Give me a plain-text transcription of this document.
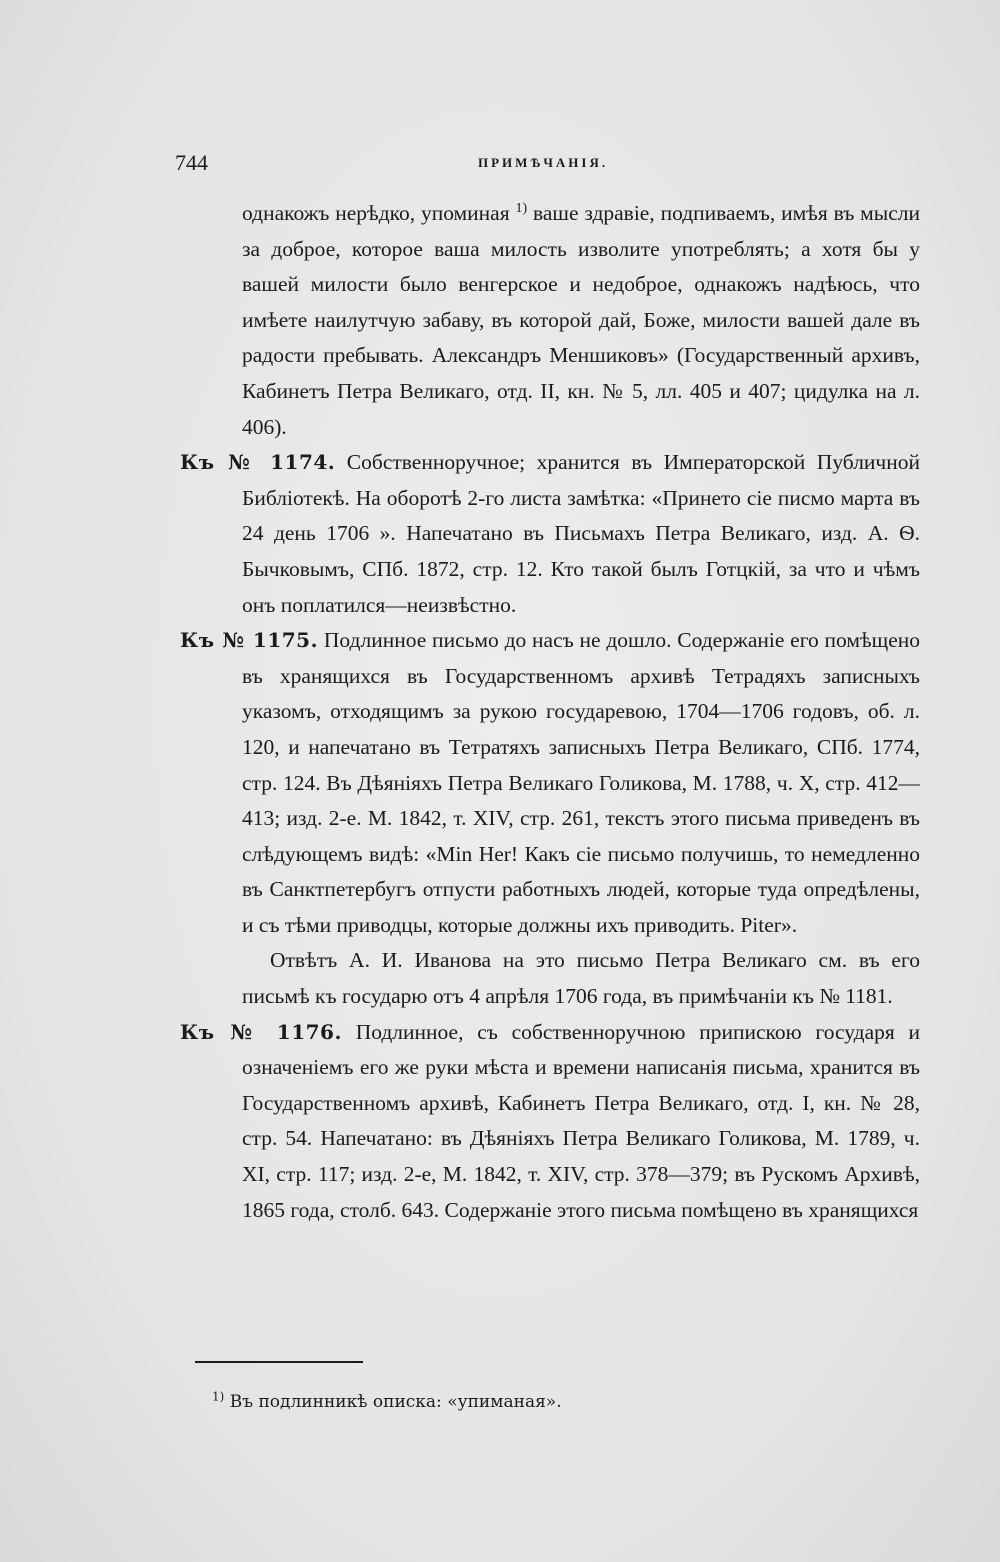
744	ПРИМѢЧАНІЯ.

однакожъ нерѣдко, упоминая $^{1)}$ ваше здравіе, подпиваемъ, имѣя въ мысли за доброе, которое ваша милость изволите употреблять; а хотя бы у вашей милости было венгерское и недоброе, однакожъ надѣюсь, что имѣете наилутчую забаву, въ которой дай, Боже, милости вашей дале въ радости пребывать. Александръ Меншиковъ» (Государственный архивъ, Кабинетъ Петра Великаго, отд. II, кн. № 5, лл. 405 и 407; цидулка на л. 406).

Къ № 1174. Собственноручное; хранится въ Императорской Публичной Библіотекѣ. На оборотѣ 2-го листа замѣтка: «Принето сіе писмо марта въ 24 день 1706 ». Напечатано въ Письмахъ Петра Великаго, изд. А. Ѳ. Бычковымъ, СПб. 1872, стр. 12. Кто такой былъ Готцкій, за что и чѣмъ онъ поплатился—неизвѣстно.

Къ № 1175. Подлинное письмо до насъ не дошло. Содержаніе его помѣщено въ хранящихся въ Государственномъ архивѣ Тетрадяхъ записныхъ указомъ, отходящимъ за рукою государевою, 1704—1706 годовъ, об. л. 120, и напечатано въ Тетратяхъ записныхъ Петра Великаго, СПб. 1774, стр. 124. Въ Дѣяніяхъ Петра Великаго Голикова, М. 1788, ч. X, стр. 412—413; изд. 2-е. М. 1842, т. XIV, стр. 261, текстъ этого письма приведенъ въ слѣдующемъ видѣ: «Min Her! Какъ сіе письмо получишь, то немедленно въ Санктпетербугъ отпусти работныхъ людей, которые туда опредѣлены, и съ тѣми приводцы, которые должны ихъ приводить. Piter».

Отвѣтъ А. И. Иванова на это письмо Петра Великаго см. въ его письмѣ къ государю отъ 4 апрѣля 1706 года, въ примѣчаніи къ № 1181.

Къ № 1176. Подлинное, съ собственноручною припискою государя и означеніемъ его же руки мѣста и времени написанія письма, хранится въ Государственномъ архивѣ, Кабинетъ Петра Великаго, отд. I, кн. № 28, стр. 54. Напечатано: въ Дѣяніяхъ Петра Великаго Голикова, М. 1789, ч. XI, стр. 117; изд. 2-е, М. 1842, т. XIV, стр. 378—379; въ Рускомъ Архивѣ, 1865 года, столб. 643. Содержаніе этого письма помѣщено въ хранящихся

$^{1)}$ Въ подлинникѣ описка: «упиманая».
